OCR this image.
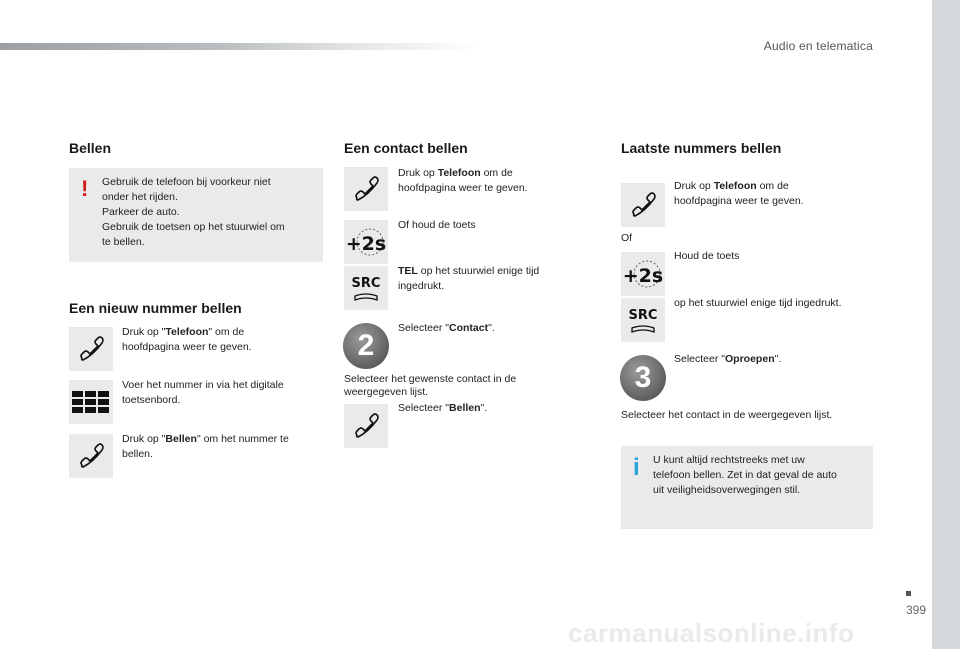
Audio en telematica
399
Bellen
! Gebruik de telefoon bij voorkeur niet
onder het rijden.
Parkeer de auto.
Gebruik de toetsen op het stuurwiel om
te bellen.
Een nieuw nummer bellen
Druk op "Telefoon" om de
hoofdpagina weer te geven.
Voer het nummer in via het digitale
toetsenbord.
Druk op "Bellen" om het nummer te
bellen.
Een contact bellen
Druk op Telefoon om de
hoofdpagina weer te geven.
+2s
Of houd de toets
SRC
TEL op het stuurwiel enige tijd
ingedrukt.
2
Selecteer "Contact".
Selecteer het gewenste contact in de
weergegeven lijst.
Selecteer "Bellen".
Laatste nummers bellen
Druk op Telefoon om de
hoofdpagina weer te geven.
Of
+2s
Houd de toets
SRC
op het stuurwiel enige tijd ingedrukt.
3
Selecteer "Oproepen".
Selecteer het contact in de weergegeven lijst.
i U kunt altijd rechtstreeks met uw
telefoon bellen. Zet in dat geval de auto
uit veiligheidsoverwegingen stil.
carmanualsonline.info
